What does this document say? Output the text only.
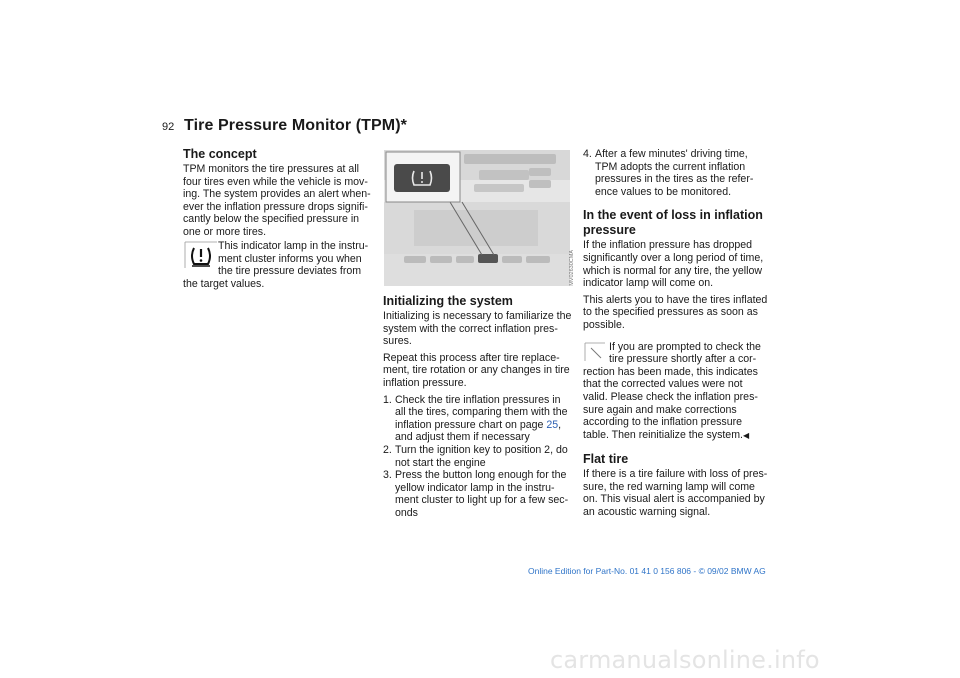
92 Tire Pressure Monitor (TPM)*
The concept
TPM monitors the tire pressures at all
four tires even while the vehicle is mov-
ing. The system provides an alert when-
ever the inflation pressure drops signifi-
cantly below the specified pressure in
one or more tires.
This indicator lamp in the instru-
ment cluster informs you when
the tire pressure deviates from
the target values.	MV02630CMA
Initializing the system
Initializing is necessary to familiarize the
system with the correct inflation pres-
sures.
Repeat this process after tire replace-
ment, tire rotation or any changes in tire
inflation pressure.
1. Check the tire inflation pressures in
all the tires, comparing them with the
inflation pressure chart on page 25,
and adjust them if necessary
2. Turn the ignition key to position 2, do
not start the engine
3. Press the button long enough for the
yellow indicator lamp in the instru-
ment cluster to light up for a few sec-
onds
4. After a few minutes' driving time,
TPM adopts the current inflation
pressures in the tires as the refer-
ence values to be monitored.
In the event of loss in inflation
pressure
If the inflation pressure has dropped
significantly over a long period of time,
which is normal for any tire, the yellow
indicator lamp will come on.
This alerts you to have the tires inflated
to the specified pressures as soon as
possible.
If you are prompted to check the
tire pressure shortly after a cor-
rection has been made, this indicates
that the corrected values were not
valid. Please check the inflation pres-
sure again and make corrections
according to the inflation pressure
table. Then reinitialize the system.◀
Flat tire
If there is a tire failure with loss of pres-
sure, the red warning lamp will come
on. This visual alert is accompanied by
an acoustic warning signal.
Online Edition for Part-No. 01 41 0 156 806 - © 09/02 BMW AG
carmanualsonline.info
